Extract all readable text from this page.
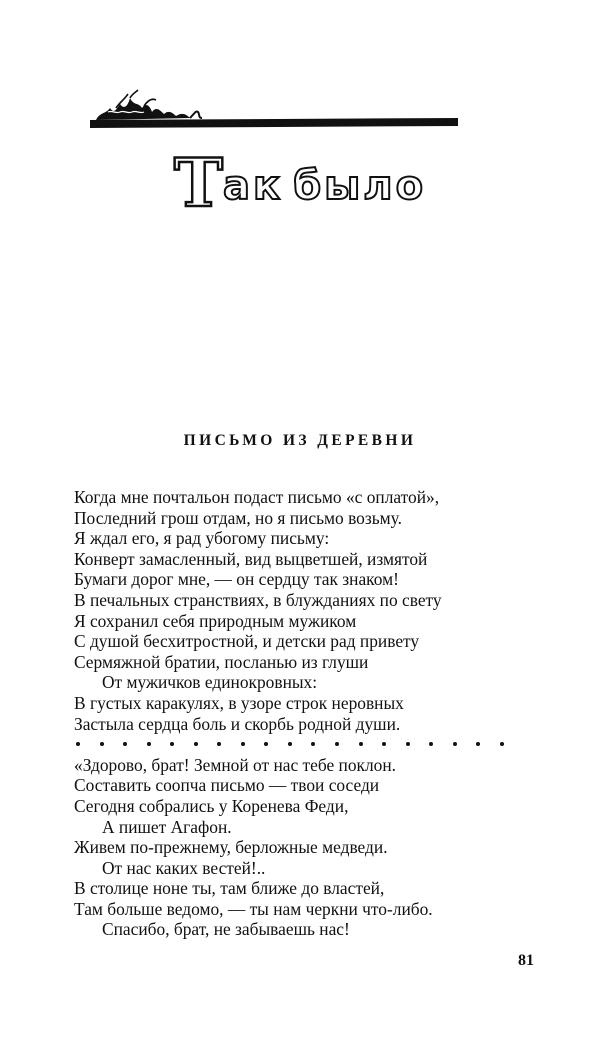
Так было
ПИСЬМО ИЗ ДЕРЕВНИ
Когда мне почтальон подаст письмо «с оплатой»,
Последний грош отдам, но я письмо возьму.
Я ждал его, я рад убогому письму:
Конверт замасленный, вид выцветшей, измятой
Бумаги дорог мне, — он сердцу так знаком!
В печальных странствиях, в блужданиях по свету
Я сохранил себя природным мужиком
С душой бесхитростной, и детски рад привету
Сермяжной братии, посланью из глуши
От мужичков единокровных:
В густых каракулях, в узоре строк неровных
Застыла сердца боль и скорбь родной души.
«Здорово, брат! Земной от нас тебе поклон.
Составить соопча письмо — твои соседи
Сегодня собрались у Коренева Феди,
А пишет Агафон.
Живем по-прежнему, берложные медведи.
От нас каких вестей!..
В столице ноне ты, там ближе до властей,
Там больше ведомо, — ты нам черкни что-либо.
Спасибо, брат, не забываешь нас!
81
